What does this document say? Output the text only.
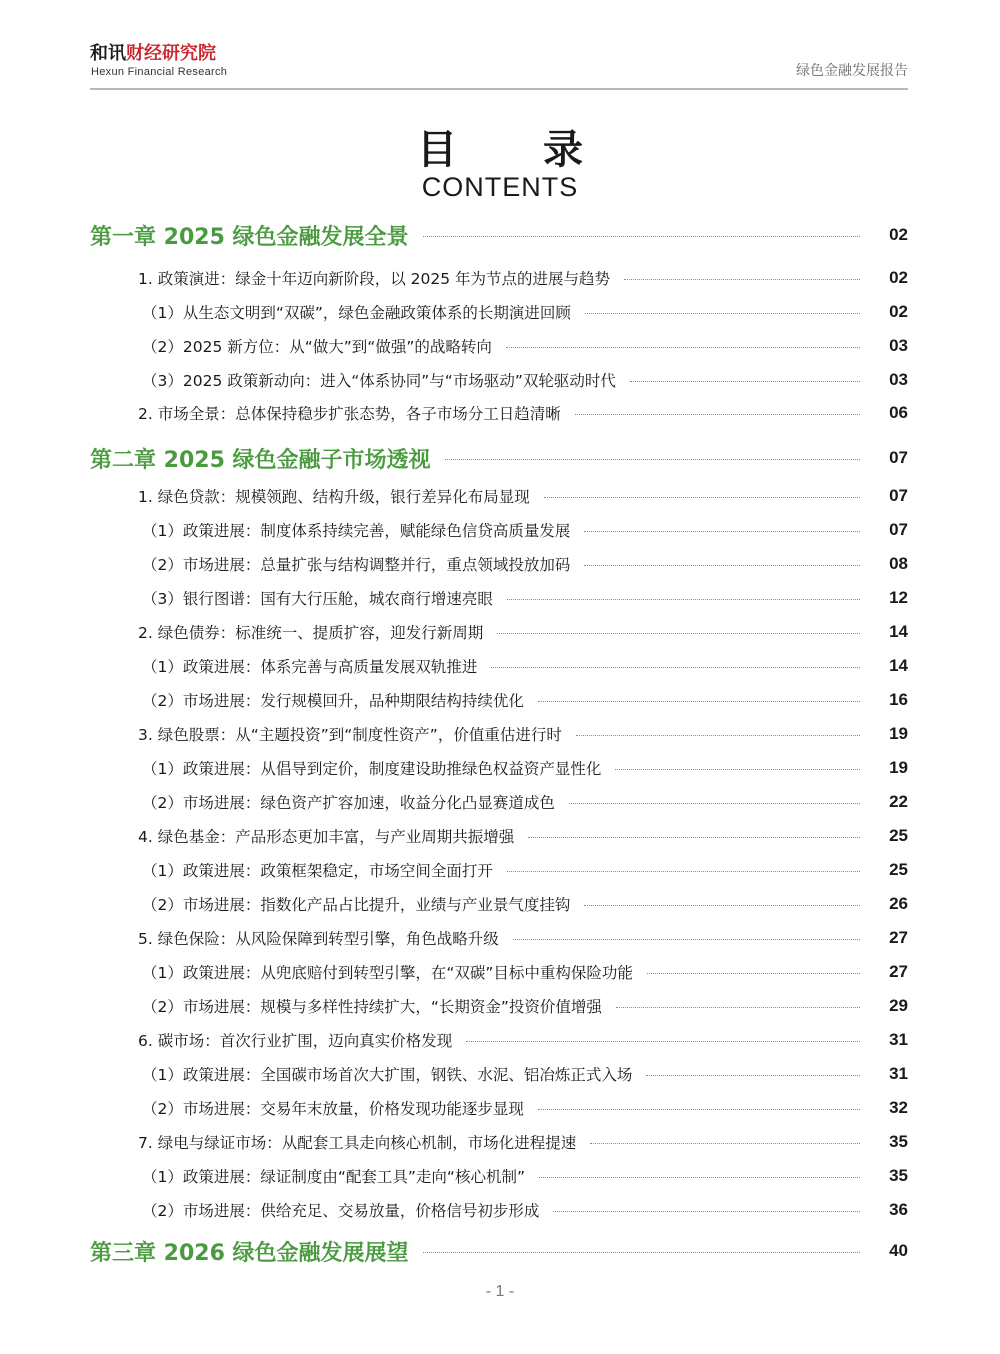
和讯财经研究院
Hexun Financial Research	绿色金融发展报告
目 录
CONTENTS
第一章 2025 绿色金融发展全景	02
1. 政策演进：绿金十年迈向新阶段，以 2025 年为节点的进展与趋势	02
（1）从生态文明到“双碳”，绿色金融政策体系的长期演进回顾	02
（2）2025 新方位：从“做大”到“做强”的战略转向	03
（3）2025 政策新动向：进入“体系协同”与“市场驱动”双轮驱动时代	03
2. 市场全景：总体保持稳步扩张态势，各子市场分工日趋清晰	06
第二章 2025 绿色金融子市场透视	07
1. 绿色贷款：规模领跑、结构升级，银行差异化布局显现	07
（1）政策进展：制度体系持续完善，赋能绿色信贷高质量发展	07
（2）市场进展：总量扩张与结构调整并行，重点领域投放加码	08
（3）银行图谱：国有大行压舱，城农商行增速亮眼	12
2. 绿色债券：标准统一、提质扩容，迎发行新周期	14
（1）政策进展：体系完善与高质量发展双轨推进	14
（2）市场进展：发行规模回升，品种期限结构持续优化	16
3. 绿色股票：从“主题投资”到“制度性资产”，价值重估进行时	19
（1）政策进展：从倡导到定价，制度建设助推绿色权益资产显性化	19
（2）市场进展：绿色资产扩容加速，收益分化凸显赛道成色	22
4. 绿色基金：产品形态更加丰富，与产业周期共振增强	25
（1）政策进展：政策框架稳定，市场空间全面打开	25
（2）市场进展：指数化产品占比提升，业绩与产业景气度挂钩	26
5. 绿色保险：从风险保障到转型引擎，角色战略升级	27
（1）政策进展：从兜底赔付到转型引擎，在“双碳”目标中重构保险功能	27
（2）市场进展：规模与多样性持续扩大，“长期资金”投资价值增强	29
6. 碳市场：首次行业扩围，迈向真实价格发现	31
（1）政策进展：全国碳市场首次大扩围，钢铁、水泥、铝冶炼正式入场	31
（2）市场进展：交易年末放量，价格发现功能逐步显现	32
7. 绿电与绿证市场：从配套工具走向核心机制，市场化进程提速	35
（1）政策进展：绿证制度由“配套工具”走向“核心机制”	35
（2）市场进展：供给充足、交易放量，价格信号初步形成	36
第三章 2026 绿色金融发展展望	40
- 1 -
